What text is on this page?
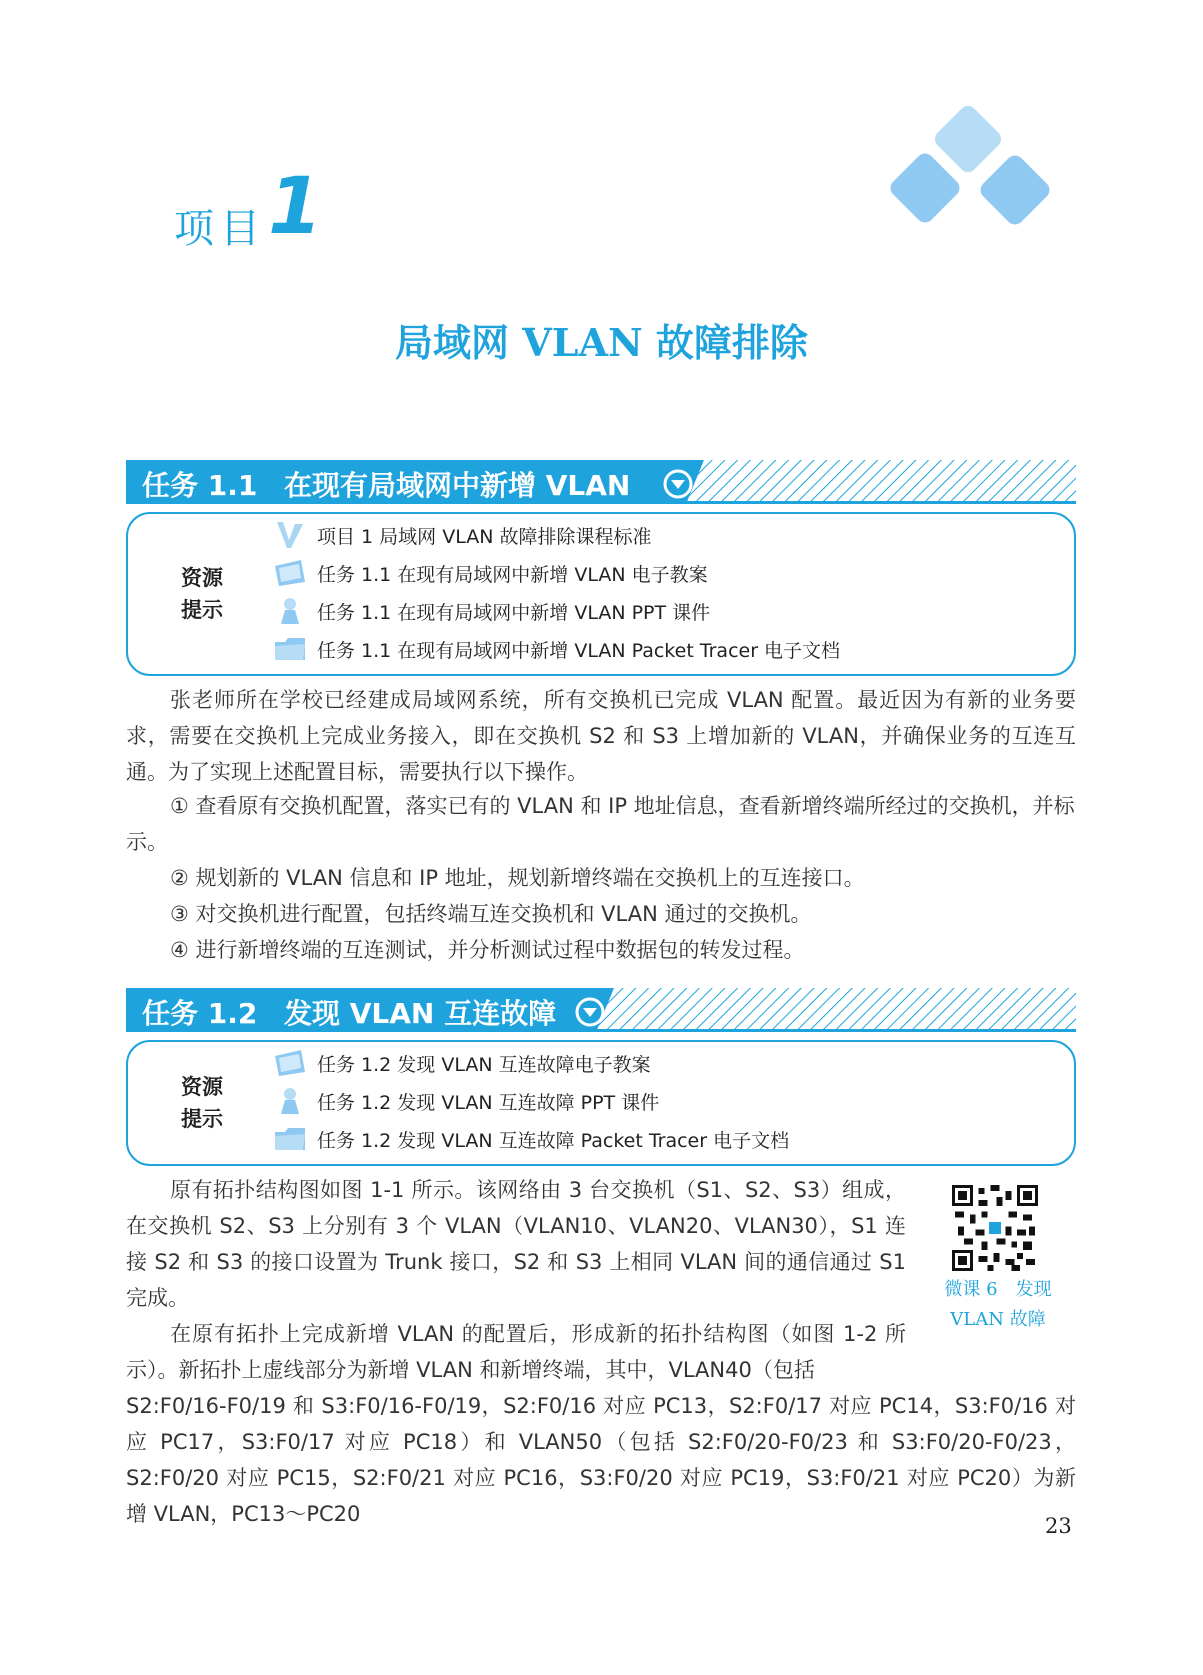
项目 1
局域网 VLAN 故障排除
任务 1.1 在现有局域网中新增 VLAN
资源
提示
项目 1 局域网 VLAN 故障排除课程标准
任务 1.1 在现有局域网中新增 VLAN 电子教案
任务 1.1 在现有局域网中新增 VLAN PPT 课件
任务 1.1 在现有局域网中新增 VLAN Packet Tracer 电子文档
张老师所在学校已经建成局域网系统，所有交换机已完成 VLAN 配置。最近因为有新的业务要求，需要在交换机上完成业务接入，即在交换机 S2 和 S3 上增加新的 VLAN，并确保业务的互连互通。为了实现上述配置目标，需要执行以下操作。
① 查看原有交换机配置，落实已有的 VLAN 和 IP 地址信息，查看新增终端所经过的交换机，并标示。
② 规划新的 VLAN 信息和 IP 地址，规划新增终端在交换机上的互连接口。
③ 对交换机进行配置，包括终端互连交换机和 VLAN 通过的交换机。
④ 进行新增终端的互连测试，并分析测试过程中数据包的转发过程。
任务 1.2 发现 VLAN 互连故障
资源
提示
任务 1.2 发现 VLAN 互连故障电子教案
任务 1.2 发现 VLAN 互连故障 PPT 课件
任务 1.2 发现 VLAN 互连故障 Packet Tracer 电子文档
原有拓扑结构图如图 1-1 所示。该网络由 3 台交换机（S1、S2、S3）组成，在交换机 S2、S3 上分别有 3 个 VLAN（VLAN10、VLAN20、VLAN30），S1 连接 S2 和 S3 的接口设置为 Trunk 接口，S2 和 S3 上相同 VLAN 间的通信通过 S1 完成。
在原有拓扑上完成新增 VLAN 的配置后，形成新的拓扑结构图（如图 1-2 所示）。新拓扑上虚线部分为新增 VLAN 和新增终端，其中，VLAN40（包括
S2:F0/16-F0/19 和 S3:F0/16-F0/19，S2:F0/16 对应 PC13，S2:F0/17 对应 PC14，S3:F0/16 对应 PC17，S3:F0/17 对应 PC18）和 VLAN50（包括 S2:F0/20-F0/23 和 S3:F0/20-F0/23，S2:F0/20 对应 PC15，S2:F0/21 对应 PC16，S3:F0/20 对应 PC19，S3:F0/21 对应 PC20）为新增 VLAN，PC13～PC20
微课 6　发现
VLAN 故障
23
